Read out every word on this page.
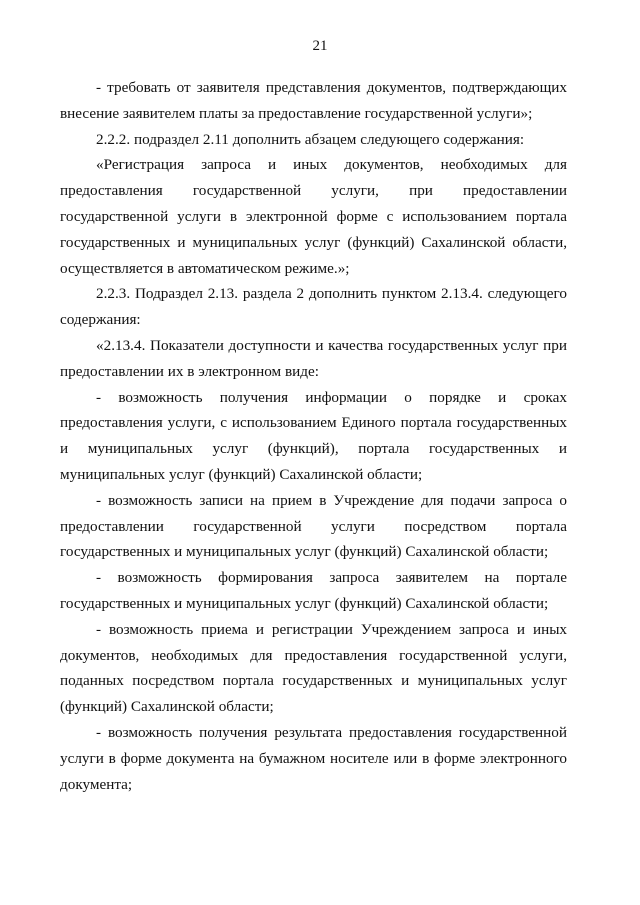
21

- требовать от заявителя представления документов, подтверждающих внесение заявителем платы за предоставление государственной услуги»;

2.2.2. подраздел 2.11 дополнить абзацем следующего содержания:

«Регистрация запроса и иных документов, необходимых для предоставления государственной услуги, при предоставлении государственной услуги в электронной форме с использованием портала государственных и муниципальных услуг (функций) Сахалинской области, осуществляется в автоматическом режиме.»;

2.2.3. Подраздел 2.13. раздела 2 дополнить пунктом 2.13.4. следующего содержания:

«2.13.4. Показатели доступности и качества государственных услуг при предоставлении их в электронном виде:

- возможность получения информации о порядке и сроках предоставления услуги, с использованием Единого портала государственных и муниципальных услуг (функций), портала государственных и муниципальных услуг (функций) Сахалинской области;

- возможность записи на прием в Учреждение для подачи запроса о предоставлении государственной услуги посредством портала государственных и муниципальных услуг (функций) Сахалинской области;

- возможность формирования запроса заявителем на портале государственных и муниципальных услуг (функций) Сахалинской области;

- возможность приема и регистрации Учреждением запроса и иных документов, необходимых для предоставления государственной услуги, поданных посредством портала государственных и муниципальных услуг (функций) Сахалинской области;

- возможность получения результата предоставления государственной услуги в форме документа на бумажном носителе или в форме электронного документа;
